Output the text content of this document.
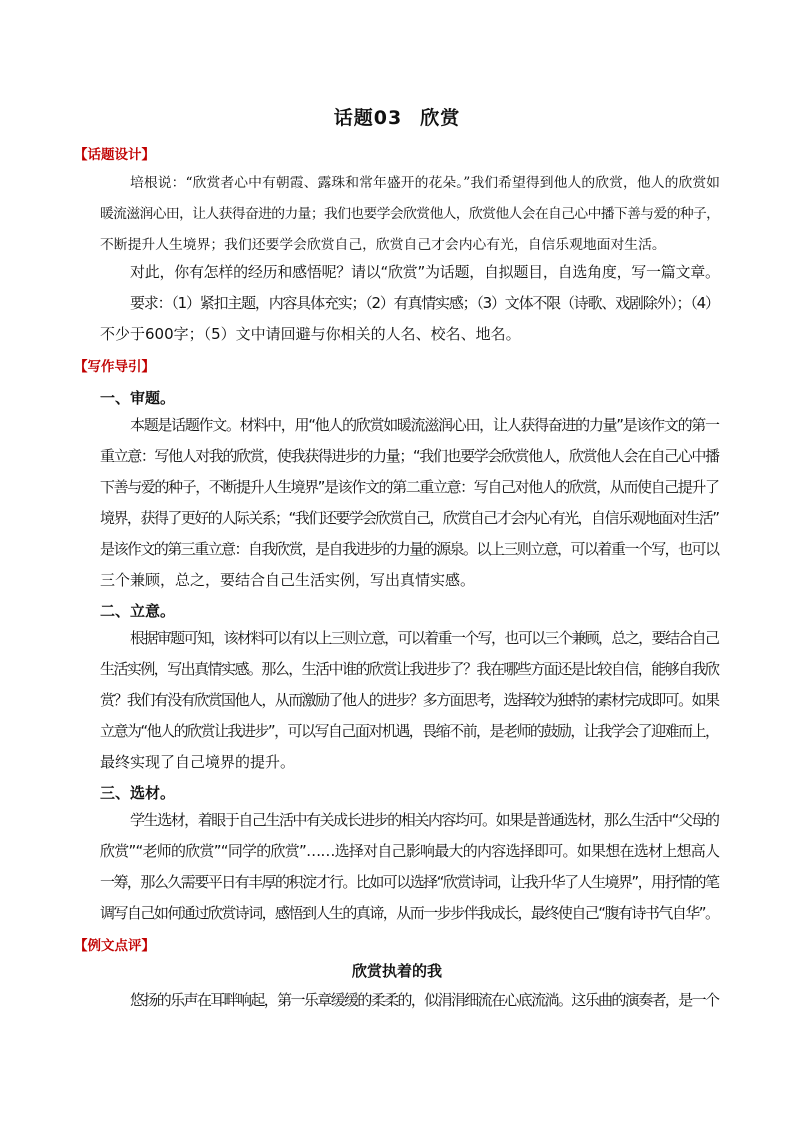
话题03 欣赏
【话题设计】
培根说：“欣赏者心中有朝霞、露珠和常年盛开的花朵。”我们希望得到他人的欣赏，他人的欣赏如
暖流滋润心田，让人获得奋进的力量；我们也要学会欣赏他人，欣赏他人会在自己心中播下善与爱的种子，
不断提升人生境界；我们还要学会欣赏自己，欣赏自己才会内心有光，自信乐观地面对生活。
对此，你有怎样的经历和感悟呢？请以“欣赏”为话题，自拟题目，自选角度，写一篇文章。
要求：（1）紧扣主题，内容具体充实；（2）有真情实感；（3）文体不限（诗歌、戏剧除外）；（4）
不少于600字；（5）文中请回避与你相关的人名、校名、地名。
【写作导引】
一、审题。
本题是话题作文。材料中，用“他人的欣赏如暖流滋润心田，让人获得奋进的力量”是该作文的第一
重立意：写他人对我的欣赏，使我获得进步的力量；“我们也要学会欣赏他人，欣赏他人会在自己心中播
下善与爱的种子，不断提升人生境界”是该作文的第二重立意：写自己对他人的欣赏，从而使自己提升了
境界，获得了更好的人际关系；“我们还要学会欣赏自己，欣赏自己才会内心有光，自信乐观地面对生活”
是该作文的第三重立意：自我欣赏，是自我进步的力量的源泉。以上三则立意，可以着重一个写，也可以
三个兼顾，总之，要结合自己生活实例，写出真情实感。
二、立意。
根据审题可知，该材料可以有以上三则立意，可以着重一个写，也可以三个兼顾，总之，要结合自己
生活实例，写出真情实感。那么，生活中谁的欣赏让我进步了？我在哪些方面还是比较自信，能够自我欣
赏？我们有没有欣赏国他人，从而激励了他人的进步？多方面思考，选择较为独特的素材完成即可。如果
立意为“他人的欣赏让我进步”，可以写自己面对机遇，畏缩不前，是老师的鼓励，让我学会了迎难而上，
最终实现了自己境界的提升。
三、选材。
学生选材，着眼于自己生活中有关成长进步的相关内容均可。如果是普通选材，那么生活中“父母的
欣赏”“老师的欣赏”“同学的欣赏”……选择对自己影响最大的内容选择即可。如果想在选材上想高人
一筹，那么久需要平日有丰厚的积淀才行。比如可以选择“欣赏诗词，让我升华了人生境界”，用抒情的笔
调写自己如何通过欣赏诗词，感悟到人生的真谛，从而一步步伴我成长，最终使自己“腹有诗书气自华”。
【例文点评】
欣赏执着的我
悠扬的乐声在耳畔响起，第一乐章缓缓的柔柔的，似涓涓细流在心底流淌。这乐曲的演奏者，是一个
